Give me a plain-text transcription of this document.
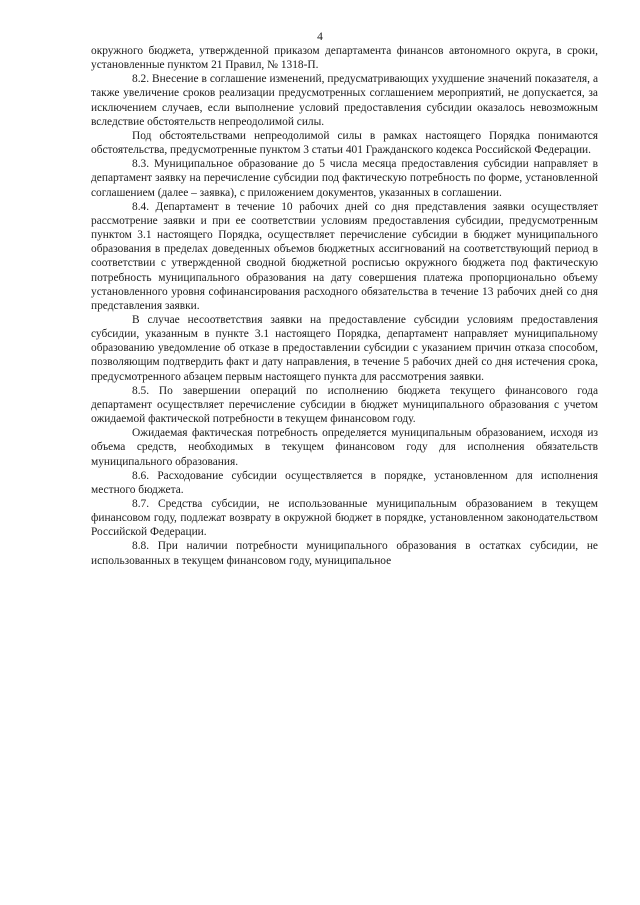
4

окружного бюджета, утвержденной приказом департамента финансов автономного округа, в сроки, установленные пунктом 21 Правил, № 1318-П.

8.2. Внесение в соглашение изменений, предусматривающих ухудшение значений показателя, а также увеличение сроков реализации предусмотренных соглашением мероприятий, не допускается, за исключением случаев, если выполнение условий предоставления субсидии оказалось невозможным вследствие обстоятельств непреодолимой силы.

Под обстоятельствами непреодолимой силы в рамках настоящего Порядка понимаются обстоятельства, предусмотренные пунктом 3 статьи 401 Гражданского кодекса Российской Федерации.

8.3. Муниципальное образование до 5 числа месяца предоставления субсидии направляет в департамент заявку на перечисление субсидии под фактическую потребность по форме, установленной соглашением (далее – заявка), с приложением документов, указанных в соглашении.

8.4. Департамент в течение 10 рабочих дней со дня представления заявки осуществляет рассмотрение заявки и при ее соответствии условиям предоставления субсидии, предусмотренным пунктом 3.1 настоящего Порядка, осуществляет перечисление субсидии в бюджет муниципального образования в пределах доведенных объемов бюджетных ассигнований на соответствующий период в соответствии с утвержденной сводной бюджетной росписью окружного бюджета под фактическую потребность муниципального образования на дату совершения платежа пропорционально объему установленного уровня софинансирования расходного обязательства в течение 13 рабочих дней со дня представления заявки.

В случае несоответствия заявки на предоставление субсидии условиям предоставления субсидии, указанным в пункте 3.1 настоящего Порядка, департамент направляет муниципальному образованию уведомление об отказе в предоставлении субсидии с указанием причин отказа способом, позволяющим подтвердить факт и дату направления, в течение 5 рабочих дней со дня истечения срока, предусмотренного абзацем первым настоящего пункта для рассмотрения заявки.

8.5. По завершении операций по исполнению бюджета текущего финансового года департамент осуществляет перечисление субсидии в бюджет муниципального образования с учетом ожидаемой фактической потребности в текущем финансовом году.

Ожидаемая фактическая потребность определяется муниципальным образованием, исходя из объема средств, необходимых в текущем финансовом году для исполнения обязательств муниципального образования.

8.6. Расходование субсидии осуществляется в порядке, установленном для исполнения местного бюджета.

8.7. Средства субсидии, не использованные муниципальным образованием в текущем финансовом году, подлежат возврату в окружной бюджет в порядке, установленном законодательством Российской Федерации.

8.8. При наличии потребности муниципального образования в остатках субсидии, не использованных в текущем финансовом году, муниципальное
